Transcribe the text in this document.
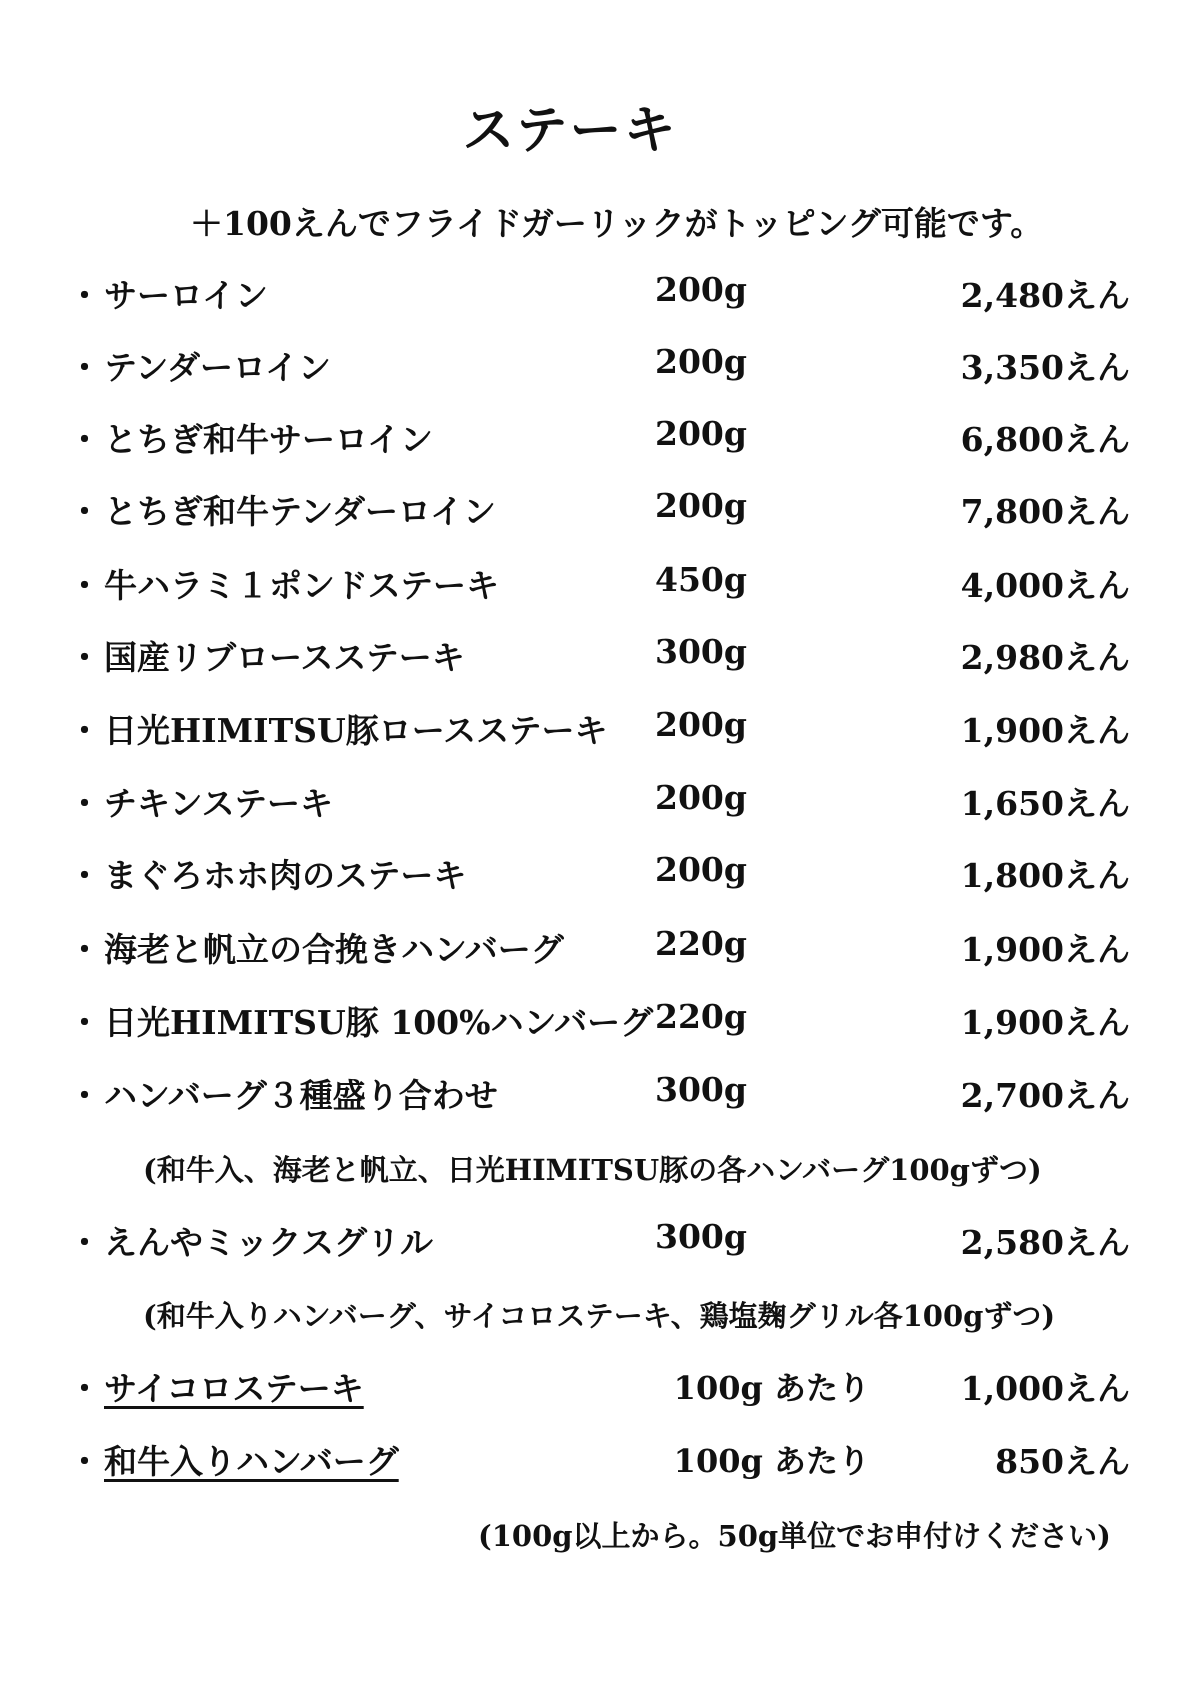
ステーキ
＋100えんでフライドガーリックがトッピング可能です。
・ サーロイン	200g	2,480えん
・ テンダーロイン	200g	3,350えん
・ とちぎ和牛サーロイン	200g	6,800えん
・ とちぎ和牛テンダーロイン	200g	7,800えん
・ 牛ハラミ１ポンドステーキ	450g	4,000えん
・ 国産リブロースステーキ	300g	2,980えん
・ 日光HIMITSU豚ロースステーキ 200g	1,900えん
・ チキンステーキ	200g	1,650えん
・ まぐろホホ肉のステーキ	200g	1,800えん
・ 海老と帆立の合挽きハンバーグ	220g	1,900えん
・ 日光HIMITSU豚 100%ハンバーグ 220g	1,900えん
・ ハンバーグ３種盛り合わせ	300g	2,700えん
(和牛入、海老と帆立、日光HIMITSU豚の各ハンバーグ100gずつ)
・ えんやミックスグリル	300g	2,580えん
(和牛入りハンバーグ、サイコロステーキ、鶏塩麹グリル各100gずつ)
・ サイコロステーキ	100g あたり	1,000えん
・ 和牛入りハンバーグ	100g あたり	850えん
(100g以上から。50g単位でお申付けください)
